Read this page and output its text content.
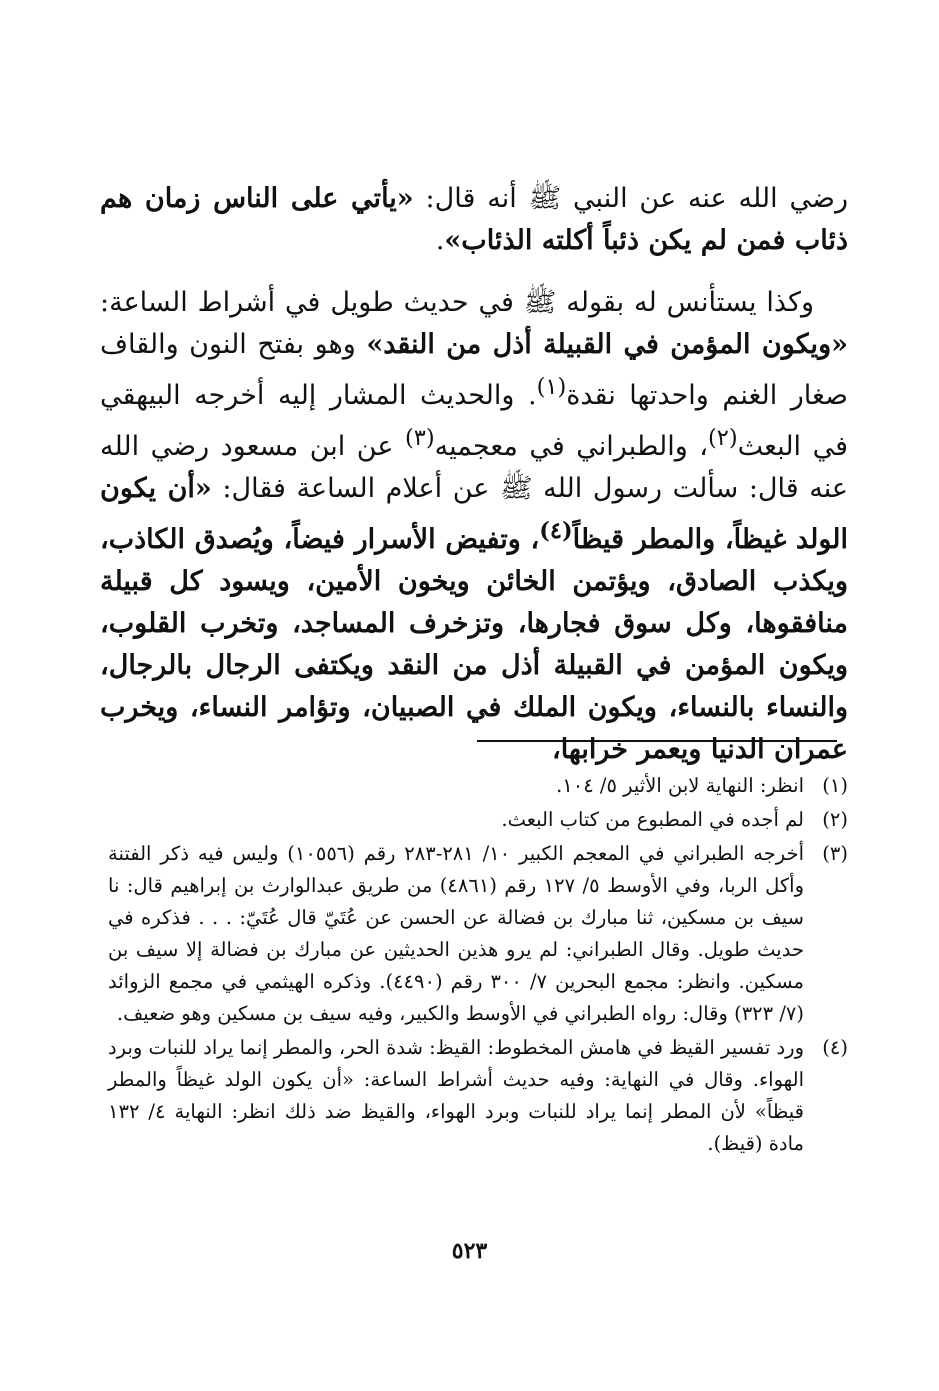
رضي الله عنه عن النبي ﷺ أنه قال: «يأتي على الناس زمان هم ذئاب فمن لم يكن ذئباً أكلته الذئاب».

وكذا يستأنس له بقوله ﷺ في حديث طويل في أشراط الساعة: «ويكون المؤمن في القبيلة أذل من النقد» وهو بفتح النون والقاف صغار الغنم واحدتها نقدة$^{(١)}$. والحديث المشار إليه أخرجه البيهقي في البعث$^{(٢)}$، والطبراني في معجميه$^{(٣)}$ عن ابن مسعود رضي الله عنه قال: سألت رسول الله ﷺ عن أعلام الساعة فقال: «أن يكون الولد غيظاً، والمطر قيظاً$^{(٤)}$، وتفيض الأسرار فيضاً، ويُصدق الكاذب، ويكذب الصادق، ويؤتمن الخائن ويخون الأمين، ويسود كل قبيلة منافقوها، وكل سوق فجارها، وتزخرف المساجد، وتخرب القلوب، ويكون المؤمن في القبيلة أذل من النقد ويكتفى الرجال بالرجال، والنساء بالنساء، ويكون الملك في الصبيان، وتؤامر النساء، ويخرب عمران الدنيا ويعمر خرابها،

(١)
انظر: النهاية لابن الأثير ٥/ ١٠٤.
(٢)
لم أجده في المطبوع من كتاب البعث.
(٣)
أخرجه الطبراني في المعجم الكبير ١٠/ ٢٨١-٢٨٣ رقم (١٠٥٥٦) وليس فيه ذكر الفتنة وأكل الربا، وفي الأوسط ٥/ ١٢٧ رقم (٤٨٦١) من طريق عبدالوارث بن إبراهيم قال: نا سيف بن مسكين، ثنا مبارك بن فضالة عن الحسن عن عُتَيّ قال عُتَيّ: . . . فذكره في حديث طويل. وقال الطبراني: لم يرو هذين الحديثين عن مبارك بن فضالة إلا سيف بن مسكين. وانظر: مجمع البحرين ٧/ ٣٠٠ رقم (٤٤٩٠). وذكره الهيثمي في مجمع الزوائد (٧/ ٣٢٣) وقال: رواه الطبراني في الأوسط والكبير، وفيه سيف بن مسكين وهو ضعيف.
(٤)
ورد تفسير القيظ في هامش المخطوط: القيظ: شدة الحر، والمطر إنما يراد للنبات وبرد الهواء. وقال في النهاية: وفيه حديث أشراط الساعة: «أن يكون الولد غيظاً والمطر قيظاً» لأن المطر إنما يراد للنبات وبرد الهواء، والقيظ ضد ذلك انظر: النهاية ٤/ ١٣٢ مادة (قيظ).
٥٢٣
